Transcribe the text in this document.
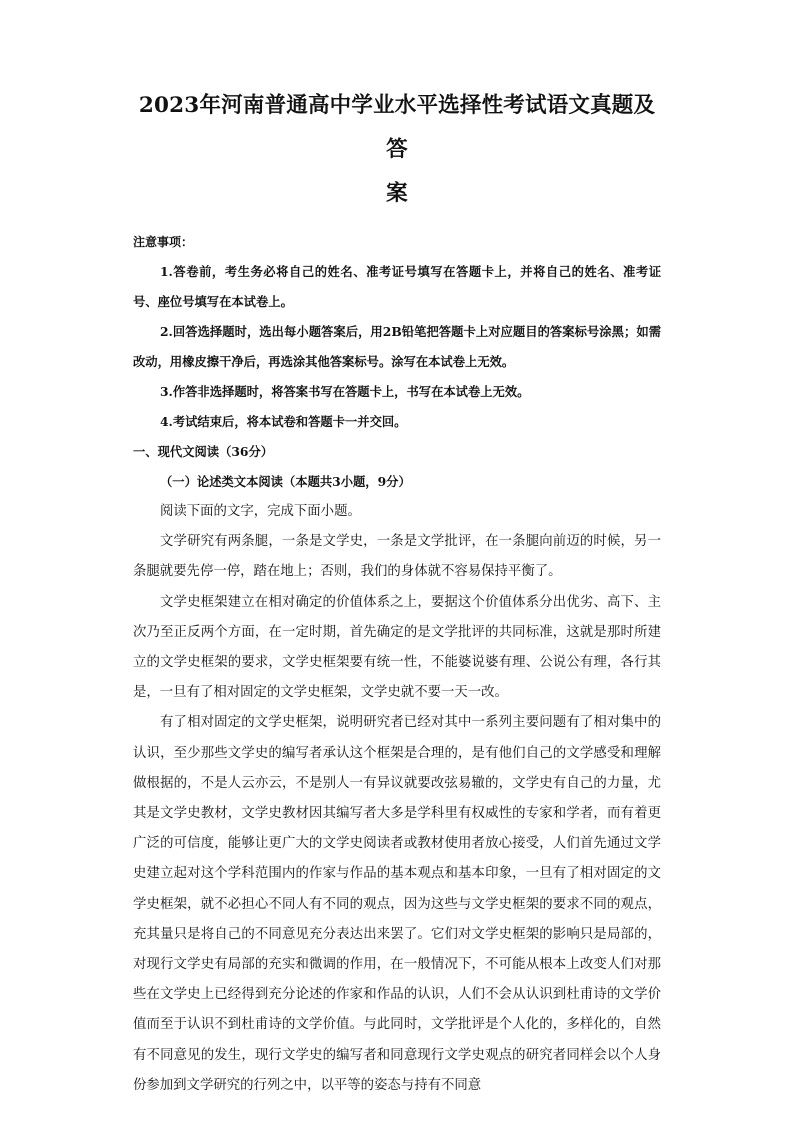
2023年河南普通高中学业水平选择性考试语文真题及答
案
注意事项：

1.答卷前，考生务必将自己的姓名、准考证号填写在答题卡上，并将自己的姓名、准考证号、座位号填写在本试卷上。

2.回答选择题时，选出每小题答案后，用2B铅笔把答题卡上对应题目的答案标号涂黑；如需改动，用橡皮擦干净后，再选涂其他答案标号。涂写在本试卷上无效。

3.作答非选择题时，将答案书写在答题卡上，书写在本试卷上无效。

4.考试结束后，将本试卷和答题卡一并交回。

一、现代文阅读（36分）

（一）论述类文本阅读（本题共3小题，9分）

阅读下面的文字，完成下面小题。

文学研究有两条腿，一条是文学史，一条是文学批评，在一条腿向前迈的时候，另一条腿就要先停一停，踏在地上；否则，我们的身体就不容易保持平衡了。

文学史框架建立在相对确定的价值体系之上，要据这个价值体系分出优劣、高下、主次乃至正反两个方面，在一定时期，首先确定的是文学批评的共同标准，这就是那时所建立的文学史框架的要求，文学史框架要有统一性，不能婆说婆有理、公说公有理，各行其是，一旦有了相对固定的文学史框架，文学史就不要一天一改。

有了相对固定的文学史框架，说明研究者已经对其中一系列主要问题有了相对集中的认识，至少那些文学史的编写者承认这个框架是合理的，是有他们自己的文学感受和理解做根据的，不是人云亦云，不是别人一有异议就要改弦易辙的，文学史有自己的力量，尤其是文学史教材，文学史教材因其编写者大多是学科里有权威性的专家和学者，而有着更广泛的可信度，能够让更广大的文学史阅读者或教材使用者放心接受，人们首先通过文学史建立起对这个学科范围内的作家与作品的基本观点和基本印象，一旦有了相对固定的文学史框架，就不必担心不同人有不同的观点，因为这些与文学史框架的要求不同的观点，充其量只是将自己的不同意见充分表达出来罢了。它们对文学史框架的影响只是局部的，对现行文学史有局部的充实和微调的作用，在一般情况下，不可能从根本上改变人们对那些在文学史上已经得到充分论述的作家和作品的认识，人们不会从认识到杜甫诗的文学价值而至于认识不到杜甫诗的文学价值。与此同时，文学批评是个人化的，多样化的，自然有不同意见的发生，现行文学史的编写者和同意现行文学史观点的研究者同样会以个人身份参加到文学研究的行列之中，以平等的姿态与持有不同意
